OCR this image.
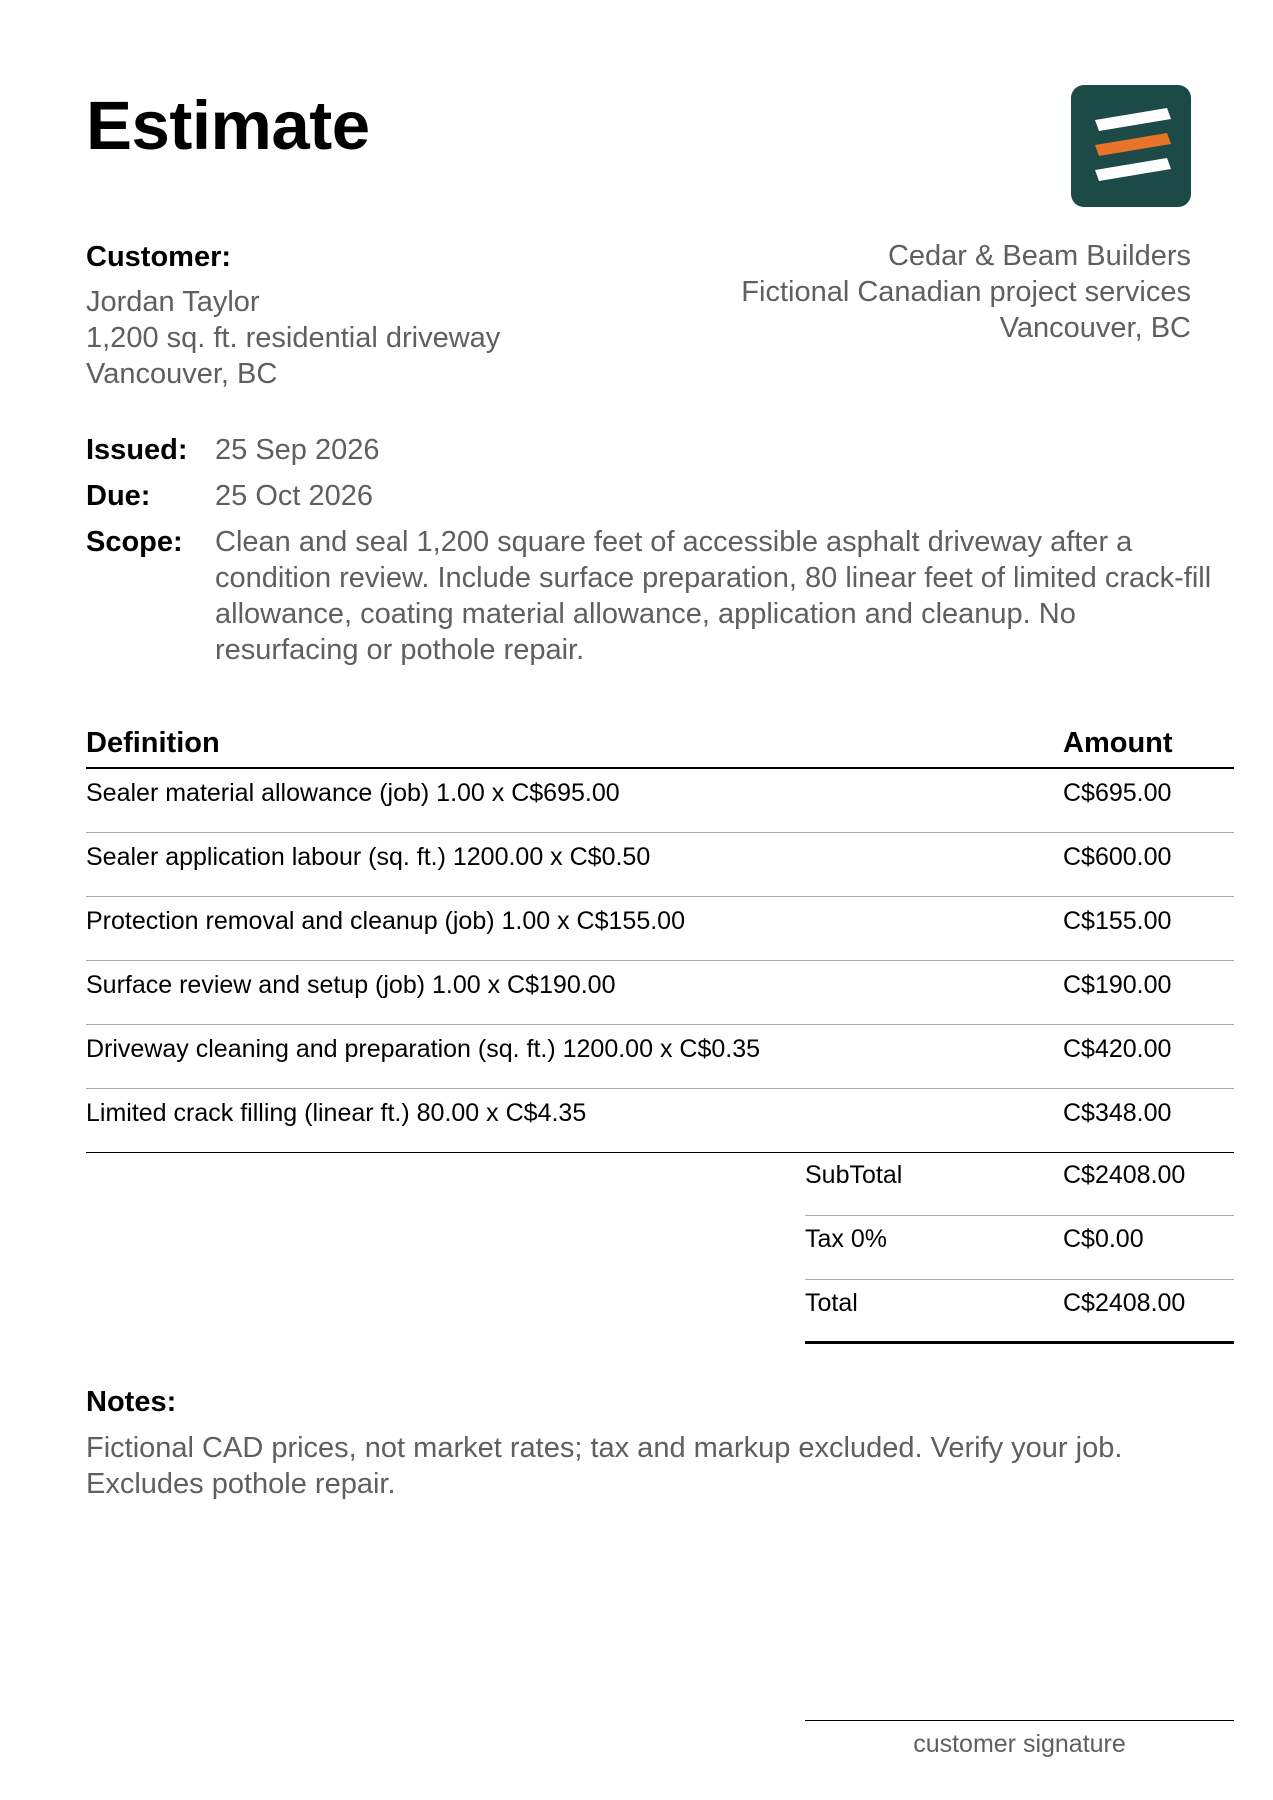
Estimate

Customer:

Jordan Taylor

1,200 sq. ft. residential driveway

Vancouver, BC

Cedar & Beam Builders

Fictional Canadian project services

Vancouver, BC

Issued: 25 Sep 2026
Due:	25 Oct 2026
Scope:	Clean and seal 1,200 square feet of accessible asphalt driveway after a condition review. Include surface preparation, 80 linear feet of limited crack-fill allowance, coating material allowance, application and cleanup. No resurfacing or pothole repair.
Definition	Amount
Sealer material allowance (job) 1.00 x C$695.00	C$695.00
Sealer application labour (sq. ft.) 1200.00 x C$0.50	C$600.00
Protection removal and cleanup (job) 1.00 x C$155.00	C$155.00
Surface review and setup (job) 1.00 x C$190.00	C$190.00
Driveway cleaning and preparation (sq. ft.) 1200.00 x C$0.35	C$420.00
Limited crack filling (linear ft.) 80.00 x C$4.35	C$348.00
SubTotal	C$2408.00
Tax 0%	C$0.00
Total	C$2408.00

Notes:

Fictional CAD prices, not market rates; tax and markup excluded. Verify your job. Excludes pothole repair.

customer signature
